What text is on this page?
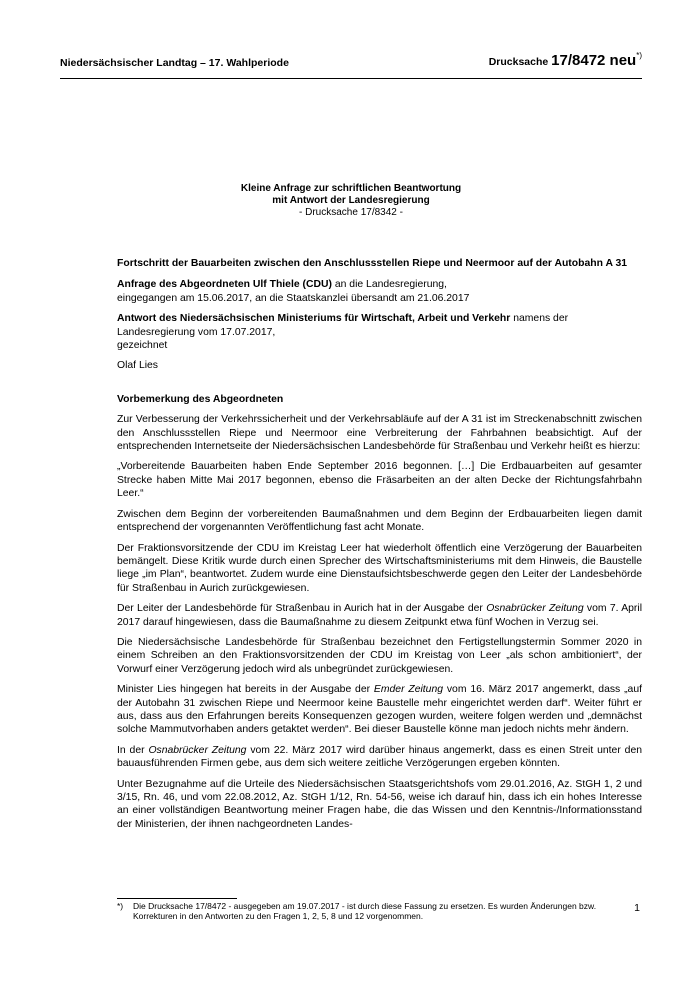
Niedersächsischer Landtag – 17. Wahlperiode	Drucksache 17/8472 neu*)
Kleine Anfrage zur schriftlichen Beantwortung
mit Antwort der Landesregierung
- Drucksache 17/8342 -

Fortschritt der Bauarbeiten zwischen den Anschlussstellen Riepe und Neermoor auf der Autobahn A 31

Anfrage des Abgeordneten Ulf Thiele (CDU) an die Landesregierung,
eingegangen am 15.06.2017, an die Staatskanzlei übersandt am 21.06.2017

Antwort des Niedersächsischen Ministeriums für Wirtschaft, Arbeit und Verkehr namens der Landesregierung vom 17.07.2017,
gezeichnet

Olaf Lies

Vorbemerkung des Abgeordneten

Zur Verbesserung der Verkehrssicherheit und der Verkehrsabläufe auf der A 31 ist im Streckenabschnitt zwischen den Anschlussstellen Riepe und Neermoor eine Verbreiterung der Fahrbahnen beabsichtigt. Auf der entsprechenden Internetseite der Niedersächsischen Landesbehörde für Straßenbau und Verkehr heißt es hierzu:

„Vorbereitende Bauarbeiten haben Ende September 2016 begonnen. […] Die Erdbauarbeiten auf gesamter Strecke haben Mitte Mai 2017 begonnen, ebenso die Fräsarbeiten an der alten Decke der Richtungsfahrbahn Leer.“

Zwischen dem Beginn der vorbereitenden Baumaßnahmen und dem Beginn der Erdbauarbeiten liegen damit entsprechend der vorgenannten Veröffentlichung fast acht Monate.

Der Fraktionsvorsitzende der CDU im Kreistag Leer hat wiederholt öffentlich eine Verzögerung der Bauarbeiten bemängelt. Diese Kritik wurde durch einen Sprecher des Wirtschaftsministeriums mit dem Hinweis, die Baustelle liege „im Plan“, beantwortet. Zudem wurde eine Dienstaufsichtsbeschwerde gegen den Leiter der Landesbehörde für Straßenbau in Aurich zurückgewiesen.

Der Leiter der Landesbehörde für Straßenbau in Aurich hat in der Ausgabe der Osnabrücker Zeitung vom 7. April 2017 darauf hingewiesen, dass die Baumaßnahme zu diesem Zeitpunkt etwa fünf Wochen in Verzug sei.

Die Niedersächsische Landesbehörde für Straßenbau bezeichnet den Fertigstellungstermin Sommer 2020 in einem Schreiben an den Fraktionsvorsitzenden der CDU im Kreistag von Leer „als schon ambitioniert“, der Vorwurf einer Verzögerung jedoch wird als unbegründet zurückgewiesen.

Minister Lies hingegen hat bereits in der Ausgabe der Emder Zeitung vom 16. März 2017 angemerkt, dass „auf der Autobahn 31 zwischen Riepe und Neermoor keine Baustelle mehr eingerichtet werden darf“. Weiter führt er aus, dass aus den Erfahrungen bereits Konsequenzen gezogen wurden, weitere folgen werden und „demnächst solche Mammutvorhaben anders getaktet werden“. Bei dieser Baustelle könne man jedoch nichts mehr ändern.

In der Osnabrücker Zeitung vom 22. März 2017 wird darüber hinaus angemerkt, dass es einen Streit unter den bauausführenden Firmen gebe, aus dem sich weitere zeitliche Verzögerungen ergeben könnten.

Unter Bezugnahme auf die Urteile des Niedersächsischen Staatsgerichtshofs vom 29.01.2016, Az. StGH 1, 2 und 3/15, Rn. 46, und vom 22.08.2012, Az. StGH 1/12, Rn. 54-56, weise ich darauf hin, dass ich ein hohes Interesse an einer vollständigen Beantwortung meiner Fragen habe, die das Wissen und den Kenntnis-/Informationsstand der Ministerien, der ihnen nachgeordneten Landes-

*) Die Drucksache 17/8472 - ausgegeben am 19.07.2017 - ist durch diese Fassung zu ersetzen. Es wurden Änderungen bzw. Korrekturen in den Antworten zu den Fragen 1, 2, 5, 8 und 12 vorgenommen.
1
